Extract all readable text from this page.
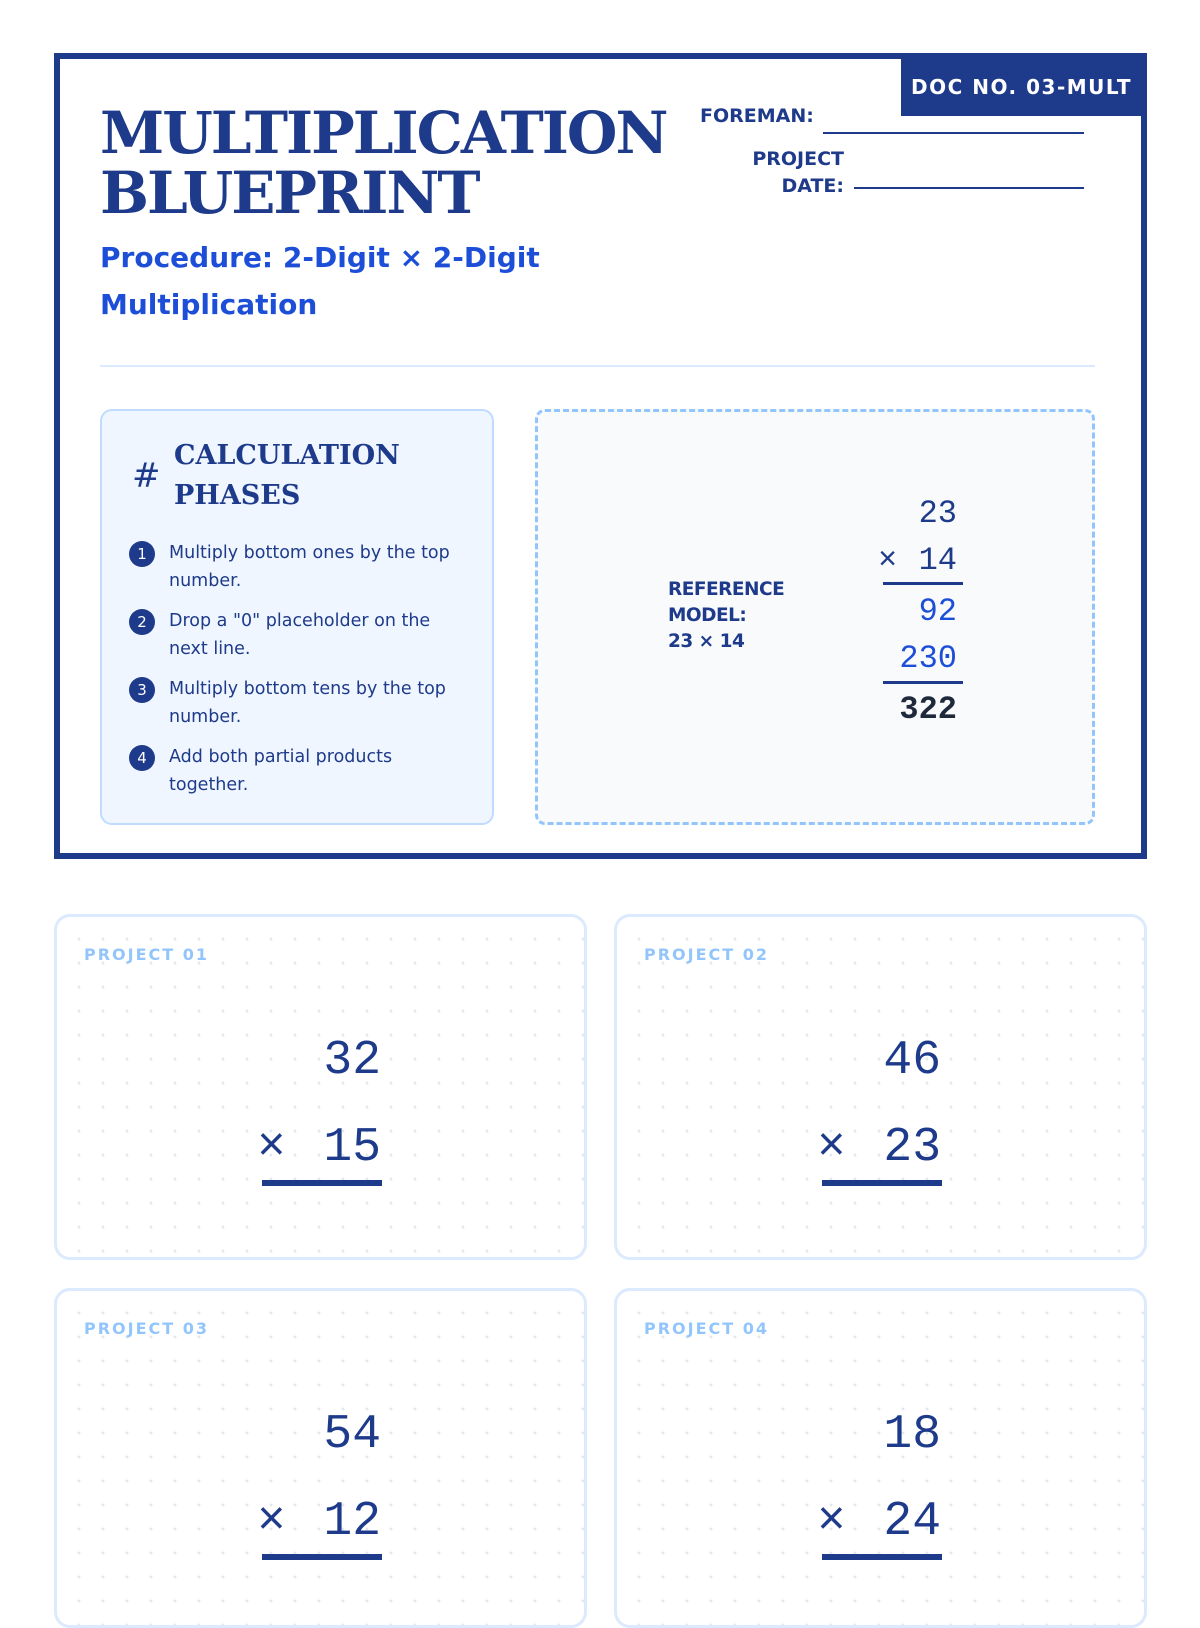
DOC NO. 03-MULT
MULTIPLICATION
BLUEPRINT
Procedure: 2-Digit × 2-Digit Multiplication
FOREMAN:
PROJECT
DATE:
#
CALCULATION PHASES
1	Multiply bottom ones by the top number.
2	Drop a "0" placeholder on the next line.
3	Multiply bottom tens by the top number.
4	Add both partial products together.
REFERENCE
MODEL:
23 × 14
23
× 14
92
230
322
PROJECT 01
32
× 15
PROJECT 02
46
× 23
PROJECT 03
54
× 12
PROJECT 04
18
× 24
